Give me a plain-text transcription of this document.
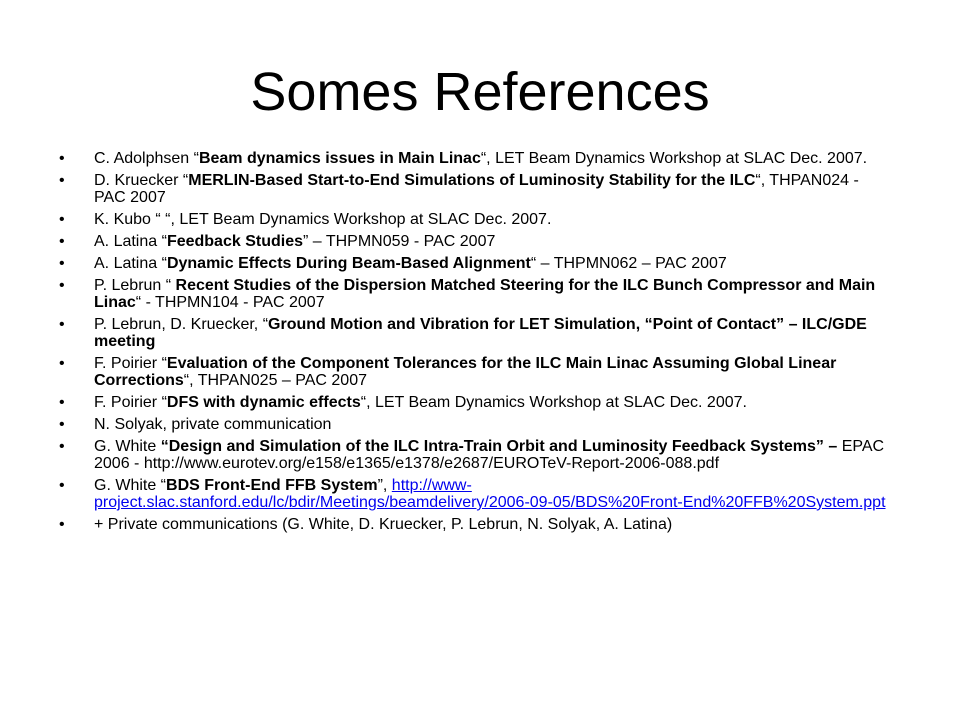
Somes References
• C. Adolphsen “Beam dynamics issues in Main Linac“, LET Beam Dynamics Workshop at SLAC Dec. 2007.
• D. Kruecker “MERLIN-Based Start-to-End Simulations of Luminosity Stability for the ILC“, THPAN024 - PAC 2007
• K. Kubo “ “, LET Beam Dynamics Workshop at SLAC Dec. 2007.
• A. Latina “Feedback Studies” – THPMN059 - PAC 2007
• A. Latina “Dynamic Effects During Beam-Based Alignment“ – THPMN062 – PAC 2007
• P. Lebrun “ Recent Studies of the Dispersion Matched Steering for the ILC Bunch Compressor and Main Linac“ - THPMN104 - PAC 2007
• P. Lebrun, D. Kruecker, “Ground Motion and Vibration for LET Simulation, “Point of Contact” – ILC/GDE meeting
• F. Poirier “Evaluation of the Component Tolerances for the ILC Main Linac Assuming Global Linear Corrections“, THPAN025 – PAC 2007
• F. Poirier “DFS with dynamic effects“, LET Beam Dynamics Workshop at SLAC Dec. 2007.
• N. Solyak, private communication
• G. White “Design and Simulation of the ILC Intra-Train Orbit and Luminosity Feedback Systems” – EPAC 2006 - http://www.eurotev.org/e158/e1365/e1378/e2687/EUROTeV-Report-2006-088.pdf
• G. White “BDS Front-End FFB System”, http://www-project.slac.stanford.edu/lc/bdir/Meetings/beamdelivery/2006-09-05/BDS%20Front-End%20FFB%20System.ppt
• + Private communications (G. White, D. Kruecker, P. Lebrun, N. Solyak, A. Latina)
